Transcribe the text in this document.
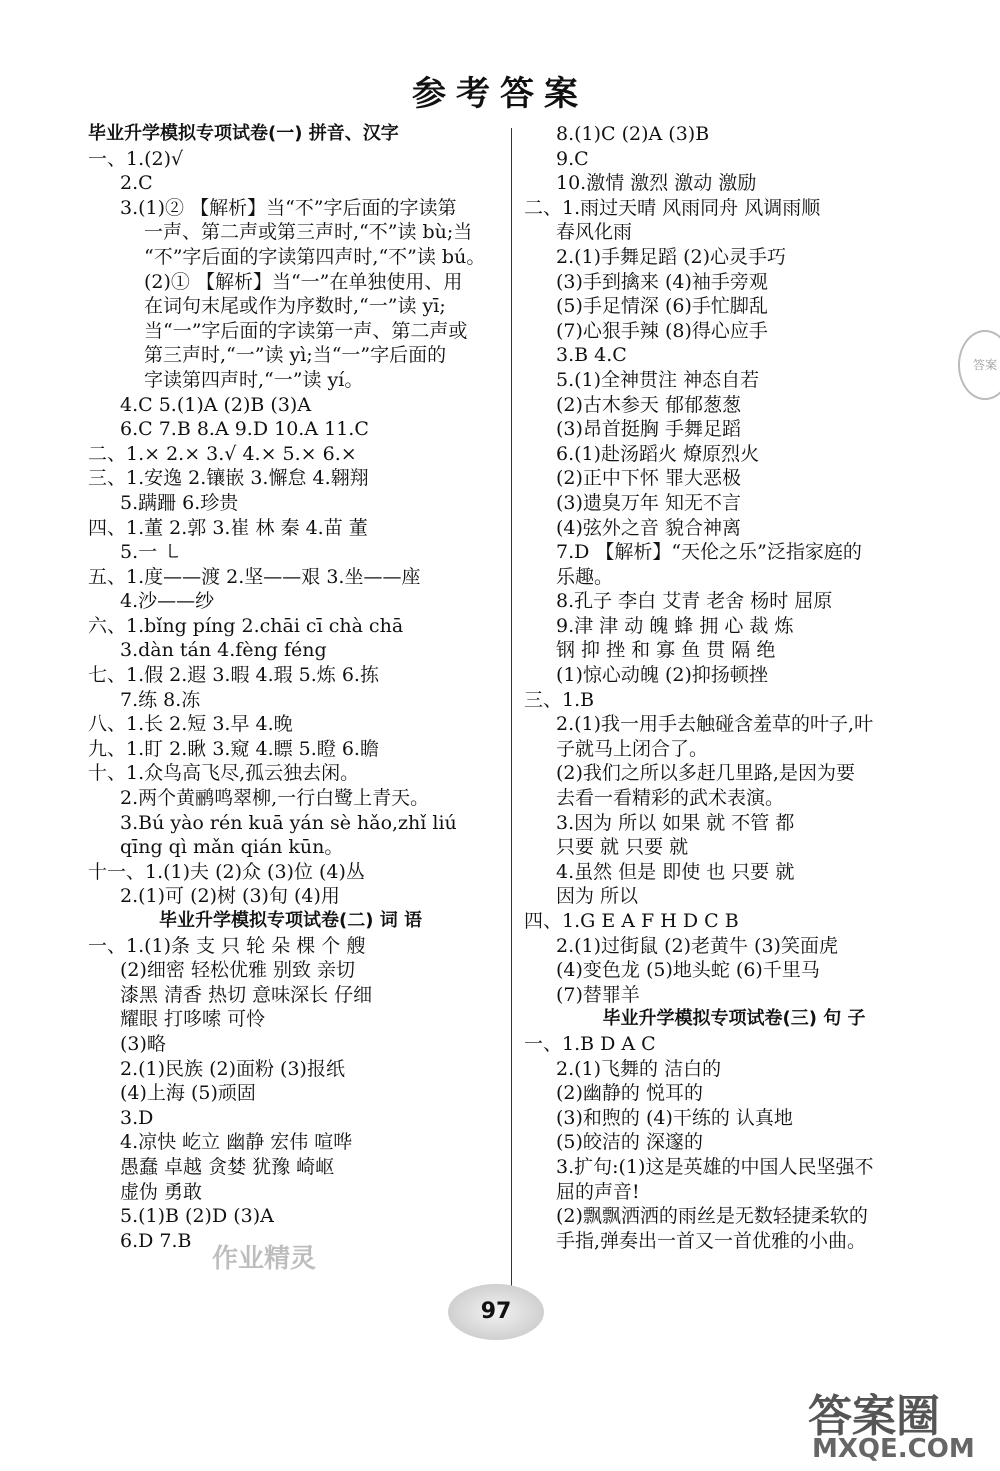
参考答案
毕业升学模拟专项试卷(一) 拼音、汉字
一、1.(2)√
2.C
3.(1)② 【解析】当“不”字后面的字读第
一声、第二声或第三声时,“不”读 bù;当
“不”字后面的字读第四声时,“不”读 bú。
(2)① 【解析】当“一”在单独使用、用
在词句末尾或作为序数时,“一”读 yī;
当“一”字后面的字读第一声、第二声或
第三声时,“一”读 yì;当“一”字后面的
字读第四声时,“一”读 yí。
4.C 5.(1)A (2)B (3)A
6.C 7.B 8.A 9.D 10.A 11.C
二、1.× 2.× 3.√ 4.× 5.× 6.×
三、1.安逸 2.镶嵌 3.懈怠 4.翱翔
5.蹒跚 6.珍贵
四、1.董 2.郭 3.崔 林 秦 4.苗 董
5.一 ㇄
五、1.度——渡 2.坚——艰 3.坐——座
4.沙——纱
六、1.bǐng píng 2.chāi cī chà chā
3.dàn tán 4.fèng féng
七、1.假 2.遐 3.暇 4.瑕 5.炼 6.拣
7.练 8.冻
八、1.长 2.短 3.早 4.晚
九、1.盯 2.瞅 3.窥 4.瞟 5.瞪 6.瞻
十、1.众鸟高飞尽,孤云独去闲。
2.两个黄鹂鸣翠柳,一行白鹭上青天。
3.Bú yào rén kuā yán sè hǎo,zhǐ liú
qīng qì mǎn qián kūn。
十一、1.(1)夫 (2)众 (3)位 (4)丛
2.(1)可 (2)树 (3)旬 (4)用
毕业升学模拟专项试卷(二) 词 语
一、1.(1)条 支 只 轮 朵 棵 个 艘
(2)细密 轻松优雅 别致 亲切
漆黑 清香 热切 意味深长 仔细
耀眼 打哆嗦 可怜
(3)略
2.(1)民族 (2)面粉 (3)报纸
(4)上海 (5)顽固
3.D
4.凉快 屹立 幽静 宏伟 喧哗
愚蠢 卓越 贪婪 犹豫 崎岖
虚伪 勇敢
5.(1)B (2)D (3)A
6.D 7.B
8.(1)C (2)A (3)B
9.C
10.激情 激烈 激动 激励
二、1.雨过天晴 风雨同舟 风调雨顺
春风化雨
2.(1)手舞足蹈 (2)心灵手巧
(3)手到擒来 (4)袖手旁观
(5)手足情深 (6)手忙脚乱
(7)心狠手辣 (8)得心应手
3.B 4.C
5.(1)全神贯注 神态自若
(2)古木参天 郁郁葱葱
(3)昂首挺胸 手舞足蹈
6.(1)赴汤蹈火 燎原烈火
(2)正中下怀 罪大恶极
(3)遗臭万年 知无不言
(4)弦外之音 貌合神离
7.D 【解析】“天伦之乐”泛指家庭的
乐趣。
8.孔子 李白 艾青 老舍 杨时 屈原
9.津 津 动 魄 蜂 拥 心 裁 炼
钢 抑 挫 和 寡 鱼 贯 隔 绝
(1)惊心动魄 (2)抑扬顿挫
三、1.B
2.(1)我一用手去触碰含羞草的叶子,叶
子就马上闭合了。
(2)我们之所以多赶几里路,是因为要
去看一看精彩的武术表演。
3.因为 所以 如果 就 不管 都
只要 就 只要 就
4.虽然 但是 即使 也 只要 就
因为 所以
四、1.G E A F H D C B
2.(1)过街鼠 (2)老黄牛 (3)笑面虎
(4)变色龙 (5)地头蛇 (6)千里马
(7)替罪羊
毕业升学模拟专项试卷(三) 句 子
一、1.B D A C
2.(1)飞舞的 洁白的
(2)幽静的 悦耳的
(3)和煦的 (4)干练的 认真地
(5)皎洁的 深邃的
3.扩句:(1)这是英雄的中国人民坚强不
屈的声音!
(2)飘飘洒洒的雨丝是无数轻捷柔软的
手指,弹奏出一首又一首优雅的小曲。
答案
97
作业精灵
答案圈
MXQE.COM
